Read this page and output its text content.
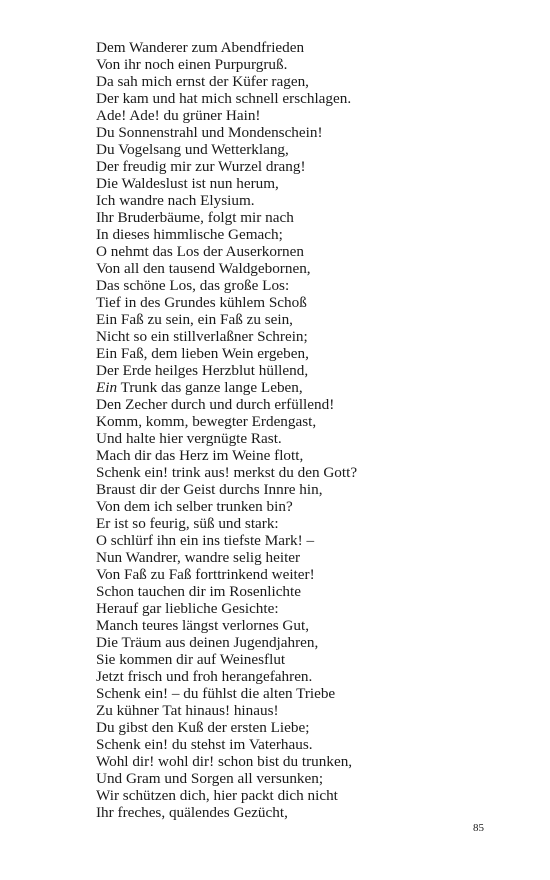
Dem Wanderer zum Abendfrieden
Von ihr noch einen Purpurgruß.
Da sah mich ernst der Küfer ragen,
Der kam und hat mich schnell erschlagen.
Ade! Ade! du grüner Hain!
Du Sonnenstrahl und Mondenschein!
Du Vogelsang und Wetterklang,
Der freudig mir zur Wurzel drang!
Die Waldeslust ist nun herum,
Ich wandre nach Elysium.
Ihr Bruderbäume, folgt mir nach
In dieses himmlische Gemach;
O nehmt das Los der Auserkornen
Von all den tausend Waldgebornen,
Das schöne Los, das große Los:
Tief in des Grundes kühlem Schoß
Ein Faß zu sein, ein Faß zu sein,
Nicht so ein stillverlaßner Schrein;
Ein Faß, dem lieben Wein ergeben,
Der Erde heilges Herzblut hüllend,
Ein Trunk das ganze lange Leben,
Den Zecher durch und durch erfüllend!
Komm, komm, bewegter Erdengast,
Und halte hier vergnügte Rast.
Mach dir das Herz im Weine flott,
Schenk ein! trink aus! merkst du den Gott?
Braust dir der Geist durchs Innre hin,
Von dem ich selber trunken bin?
Er ist so feurig, süß und stark:
O schlürf ihn ein ins tiefste Mark! –
Nun Wandrer, wandre selig heiter
Von Faß zu Faß forttrinkend weiter!
Schon tauchen dir im Rosenlichte
Herauf gar liebliche Gesichte:
Manch teures längst verlornes Gut,
Die Träum aus deinen Jugendjahren,
Sie kommen dir auf Weinesflut
Jetzt frisch und froh herangefahren.
Schenk ein! – du fühlst die alten Triebe
Zu kühner Tat hinaus! hinaus!
Du gibst den Kuß der ersten Liebe;
Schenk ein! du stehst im Vaterhaus.
Wohl dir! wohl dir! schon bist du trunken,
Und Gram und Sorgen all versunken;
Wir schützen dich, hier packt dich nicht
Ihr freches, quälendes Gezücht,
85
